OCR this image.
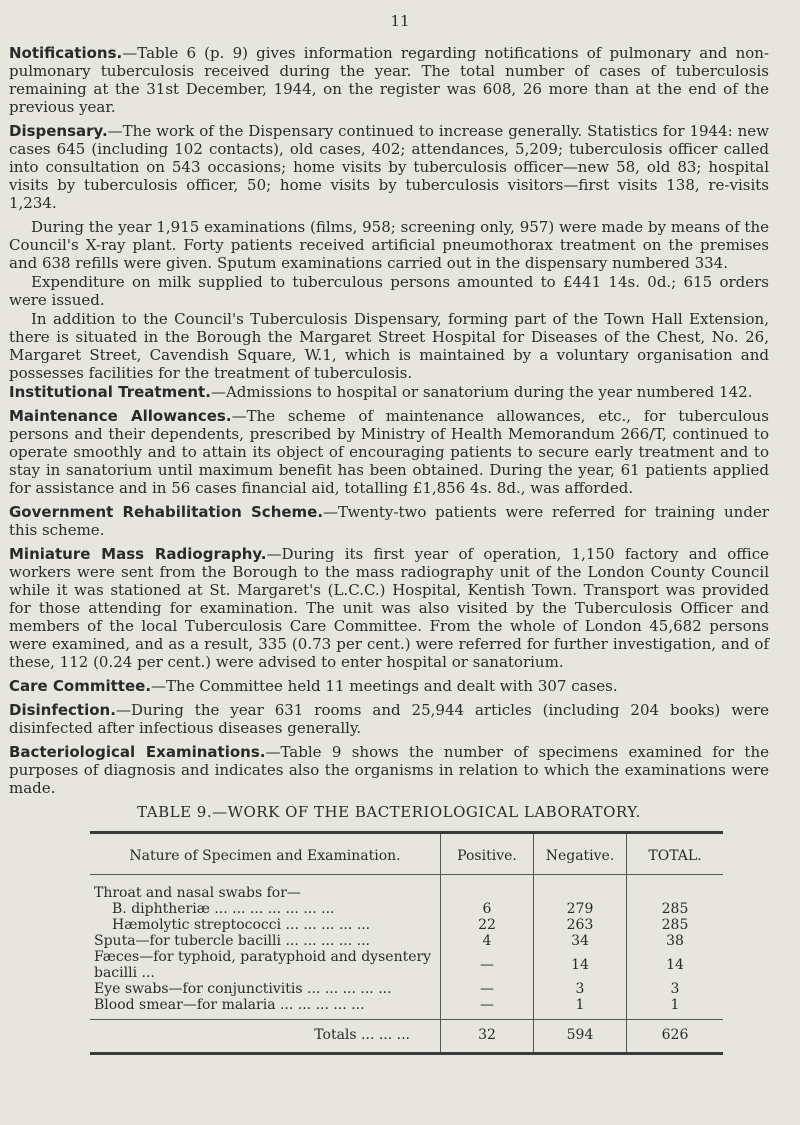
11

Notifications.—Table 6 (p. 9) gives information regarding notifications of pulmonary and non-pulmonary tuberculosis received during the year. The total number of cases of tuberculosis remaining at the 31st December, 1944, on the register was 608, 26 more than at the end of the previous year.

Dispensary.—The work of the Dispensary continued to increase generally. Statistics for 1944: new cases 645 (including 102 contacts), old cases, 402; attendances, 5,209; tuberculosis officer called into consultation on 543 occasions; home visits by tuberculosis officer—new 58, old 83; hospital visits by tuberculosis officer, 50; home visits by tuberculosis visitors—first visits 138, re-visits 1,234.

During the year 1,915 examinations (films, 958; screening only, 957) were made by means of the Council's X-ray plant. Forty patients received artificial pneumothorax treatment on the premises and 638 refills were given. Sputum examinations carried out in the dispensary numbered 334.

Expenditure on milk supplied to tuberculous persons amounted to £441 14s. 0d.; 615 orders were issued.

In addition to the Council's Tuberculosis Dispensary, forming part of the Town Hall Extension, there is situated in the Borough the Margaret Street Hospital for Diseases of the Chest, No. 26, Margaret Street, Cavendish Square, W.1, which is maintained by a voluntary organisation and possesses facilities for the treatment of tuberculosis.

Institutional Treatment.—Admissions to hospital or sanatorium during the year numbered 142.

Maintenance Allowances.—The scheme of maintenance allowances, etc., for tuberculous persons and their dependents, prescribed by Ministry of Health Memorandum 266/T, continued to operate smoothly and to attain its object of encouraging patients to secure early treatment and to stay in sanatorium until maximum benefit has been obtained. During the year, 61 patients applied for assistance and in 56 cases financial aid, totalling £1,856 4s. 8d., was afforded.

Government Rehabilitation Scheme.—Twenty-two patients were referred for training under this scheme.

Miniature Mass Radiography.—During its first year of operation, 1,150 factory and office workers were sent from the Borough to the mass radiography unit of the London County Council while it was stationed at St. Margaret's (L.C.C.) Hospital, Kentish Town. Transport was provided for those attending for examination. The unit was also visited by the Tuberculosis Officer and members of the local Tuberculosis Care Committee. From the whole of London 45,682 persons were examined, and as a result, 335 (0.73 per cent.) were referred for further investigation, and of these, 112 (0.24 per cent.) were advised to enter hospital or sanatorium.

Care Committee.—The Committee held 11 meetings and dealt with 307 cases.

Disinfection.—During the year 631 rooms and 25,944 articles (including 204 books) were disinfected after infectious diseases generally.

Bacteriological Examinations.—Table 9 shows the number of specimens examined for the purposes of diagnosis and indicates also the organisms in relation to which the examinations were made.

TABLE 9.—WORK OF THE BACTERIOLOGICAL LABORATORY.
Nature of Specimen and Examination.	Positive.	Negative.	TOTAL.
Throat and nasal swabs for—			
B. diphtheriæ ... ... ... ... ... ... ...	6	279	285
Hæmolytic streptococci ... ... ... ... ...	22	263	285
Sputa—for tubercle bacilli ... ... ... ... ...	4	34	38
Fæces—for typhoid, paratyphoid and dysentery bacilli ...	—	14	14
Eye swabs—for conjunctivitis ... ... ... ... ...	—	3	3
Blood smear—for malaria ... ... ... ... ...	—	1	1
Totals ... ... ...	32	594	626
